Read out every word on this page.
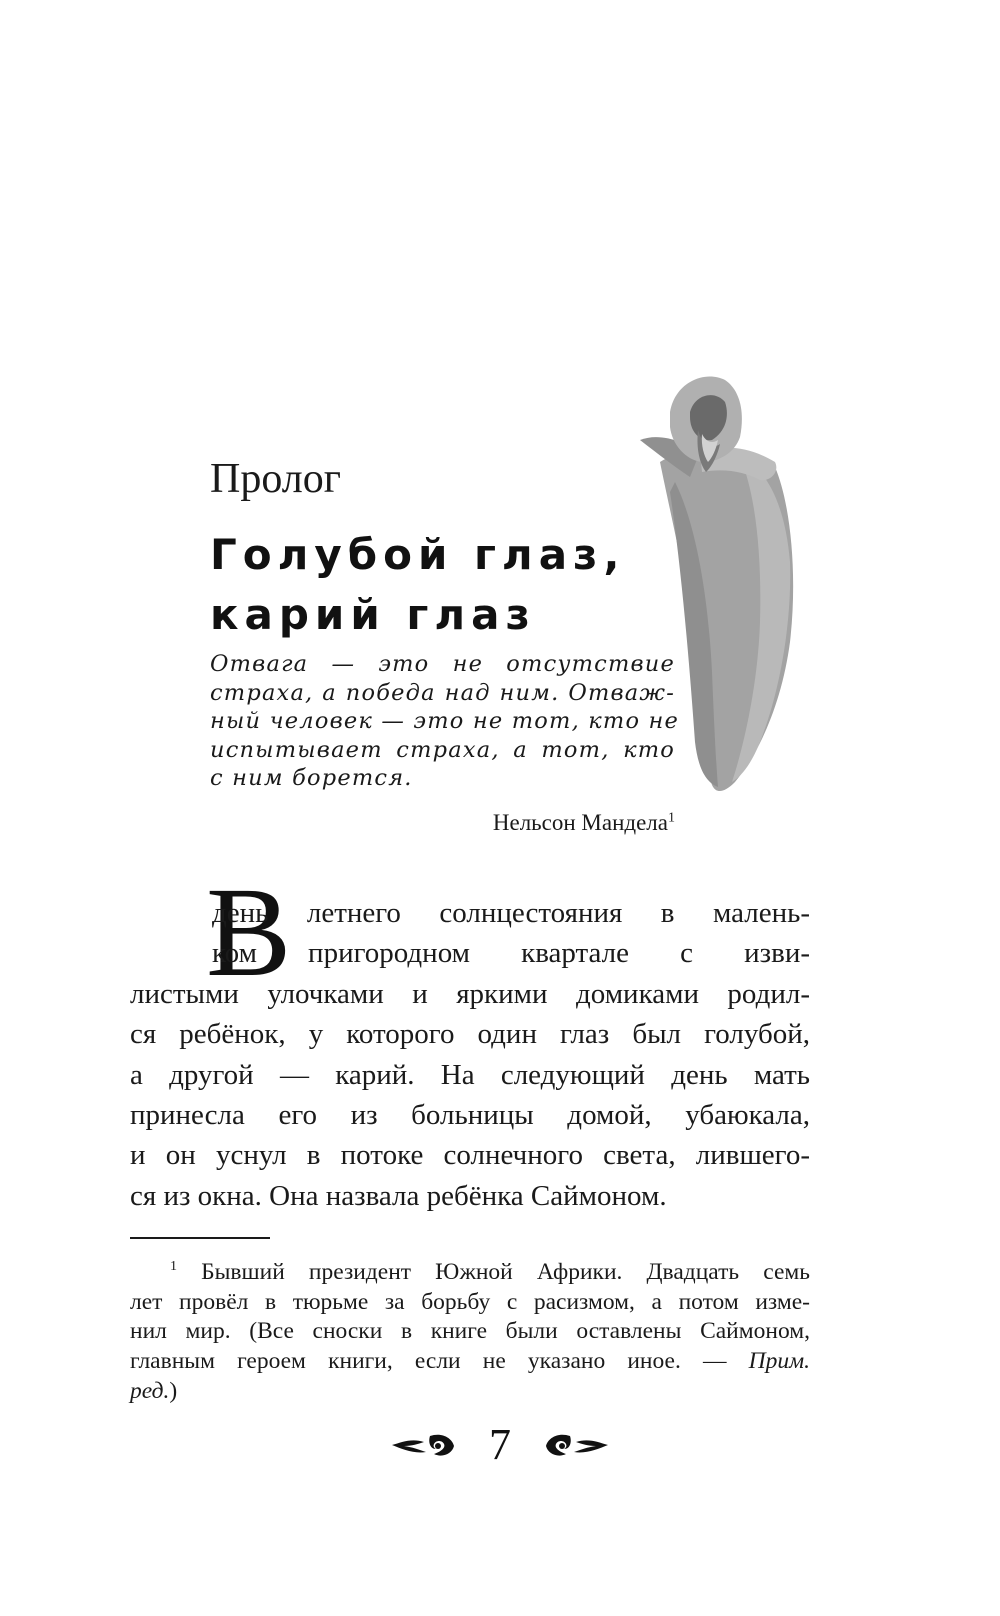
Пролог
Голубой глаз,
карий глаз

Отвага — это не отсутствие
страха, а победа над ним. Отваж-
ный человек — это не тот, кто не
испытывает страха, а тот, кто
с ним борется.

Нельсон Мандела$^1$
В

день летнего солнцестояния в малень-
ком пригородном квартале с изви-
листыми улочками и яркими домиками родил-
ся ребёнок, у которого один глаз был голубой,
а другой — карий. На следующий день мать
принесла его из больницы домой, убаюкала,
и он уснул в потоке солнечного света, лившего-
ся из окна. Она назвала ребёнка Саймоном.

$^1$ Бывший президент Южной Африки. Двадцать семь
лет провёл в тюрьме за борьбу с расизмом, а потом изме-
нил мир. (Все сноски в книге были оставлены Саймоном,
главным героем книги, если не указано иное. — Прим.
ред.)

7
